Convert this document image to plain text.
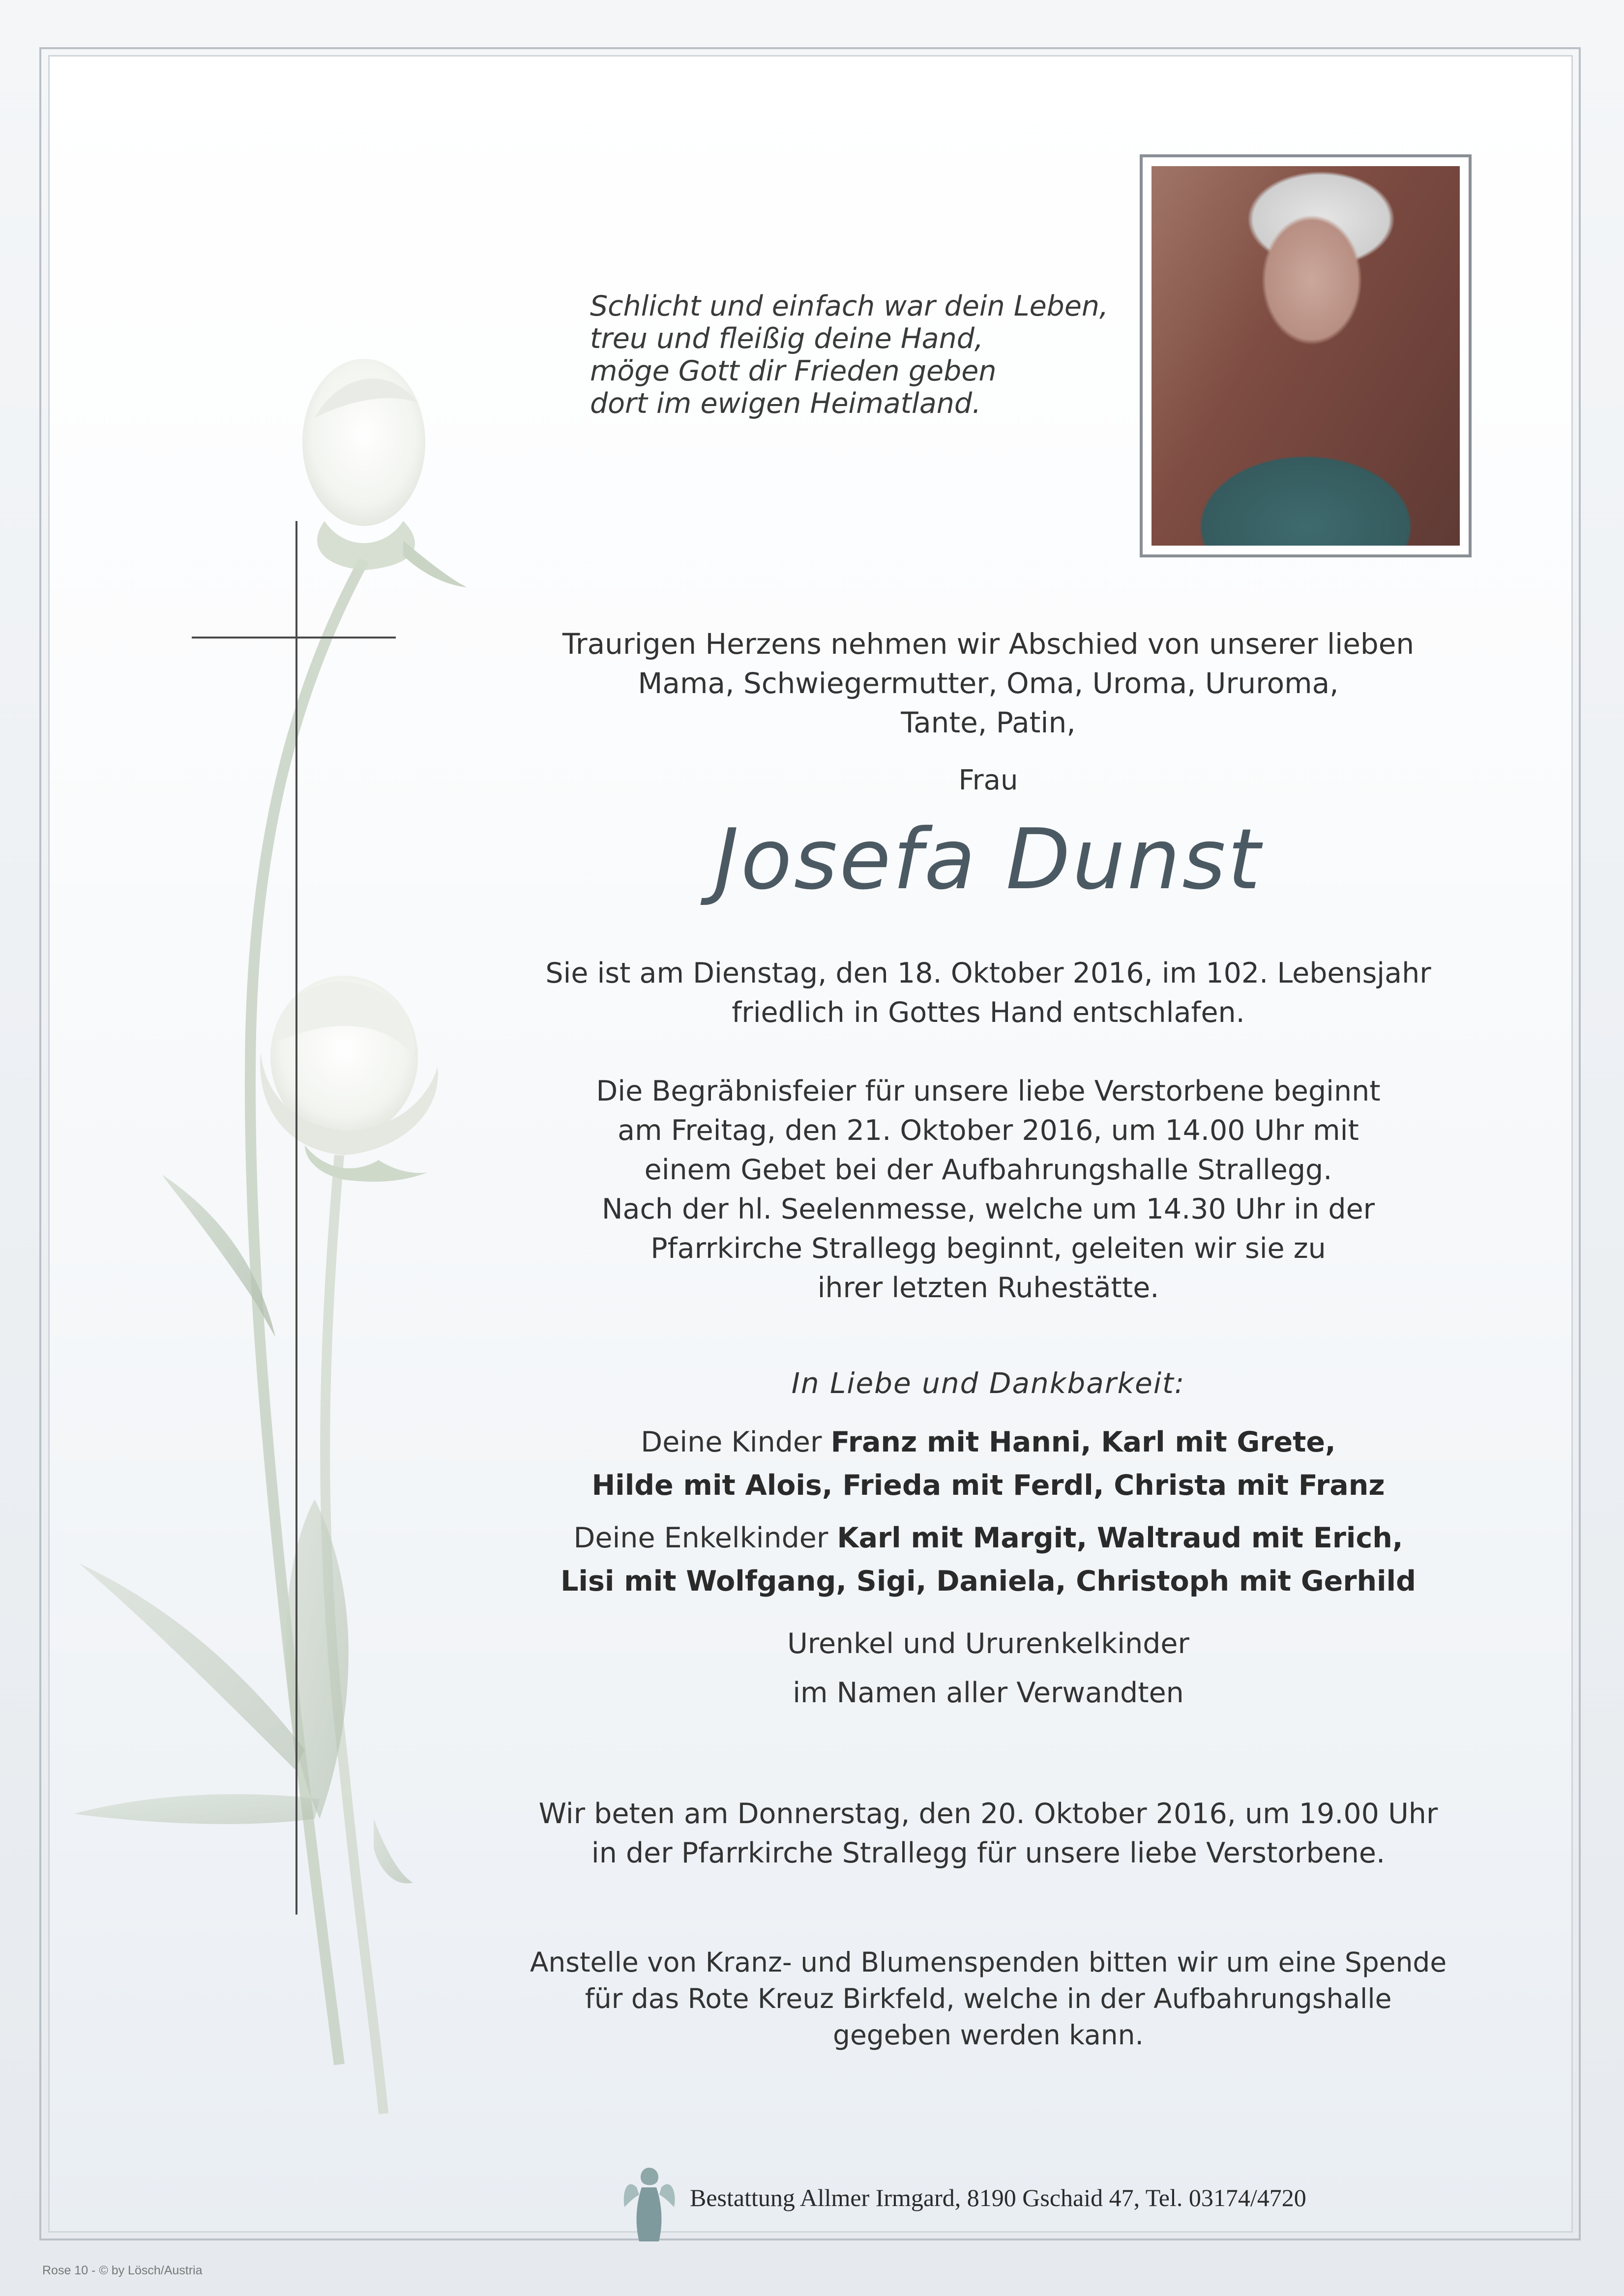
Schlicht und einfach war dein Leben,
treu und fleißig deine Hand,
möge Gott dir Frieden geben
dort im ewigen Heimatland.
Traurigen Herzens nehmen wir Abschied von unserer lieben
Mama, Schwiegermutter, Oma, Uroma, Ururoma,
Tante, Patin,
Frau
Josefa Dunst
Sie ist am Dienstag, den 18. Oktober 2016, im 102. Lebensjahr
friedlich in Gottes Hand entschlafen.
Die Begräbnisfeier für unsere liebe Verstorbene beginnt
am Freitag, den 21. Oktober 2016, um 14.00 Uhr mit
einem Gebet bei der Aufbahrungshalle Strallegg.
Nach der hl. Seelenmesse, welche um 14.30 Uhr in der
Pfarrkirche Strallegg beginnt, geleiten wir sie zu
ihrer letzten Ruhestätte.
In Liebe und Dankbarkeit:
Deine Kinder Franz mit Hanni, Karl mit Grete,
Hilde mit Alois, Frieda mit Ferdl, Christa mit Franz
Deine Enkelkinder Karl mit Margit, Waltraud mit Erich,
Lisi mit Wolfgang, Sigi, Daniela, Christoph mit Gerhild
Urenkel und Ururenkelkinder
im Namen aller Verwandten
Wir beten am Donnerstag, den 20. Oktober 2016, um 19.00 Uhr
in der Pfarrkirche Strallegg für unsere liebe Verstorbene.
Anstelle von Kranz- und Blumenspenden bitten wir um eine Spende
für das Rote Kreuz Birkfeld, welche in der Aufbahrungshalle
gegeben werden kann.
Bestattung Allmer Irmgard, 8190 Gschaid 47, Tel. 03174/4720
Rose 10 - © by Lösch/Austria
